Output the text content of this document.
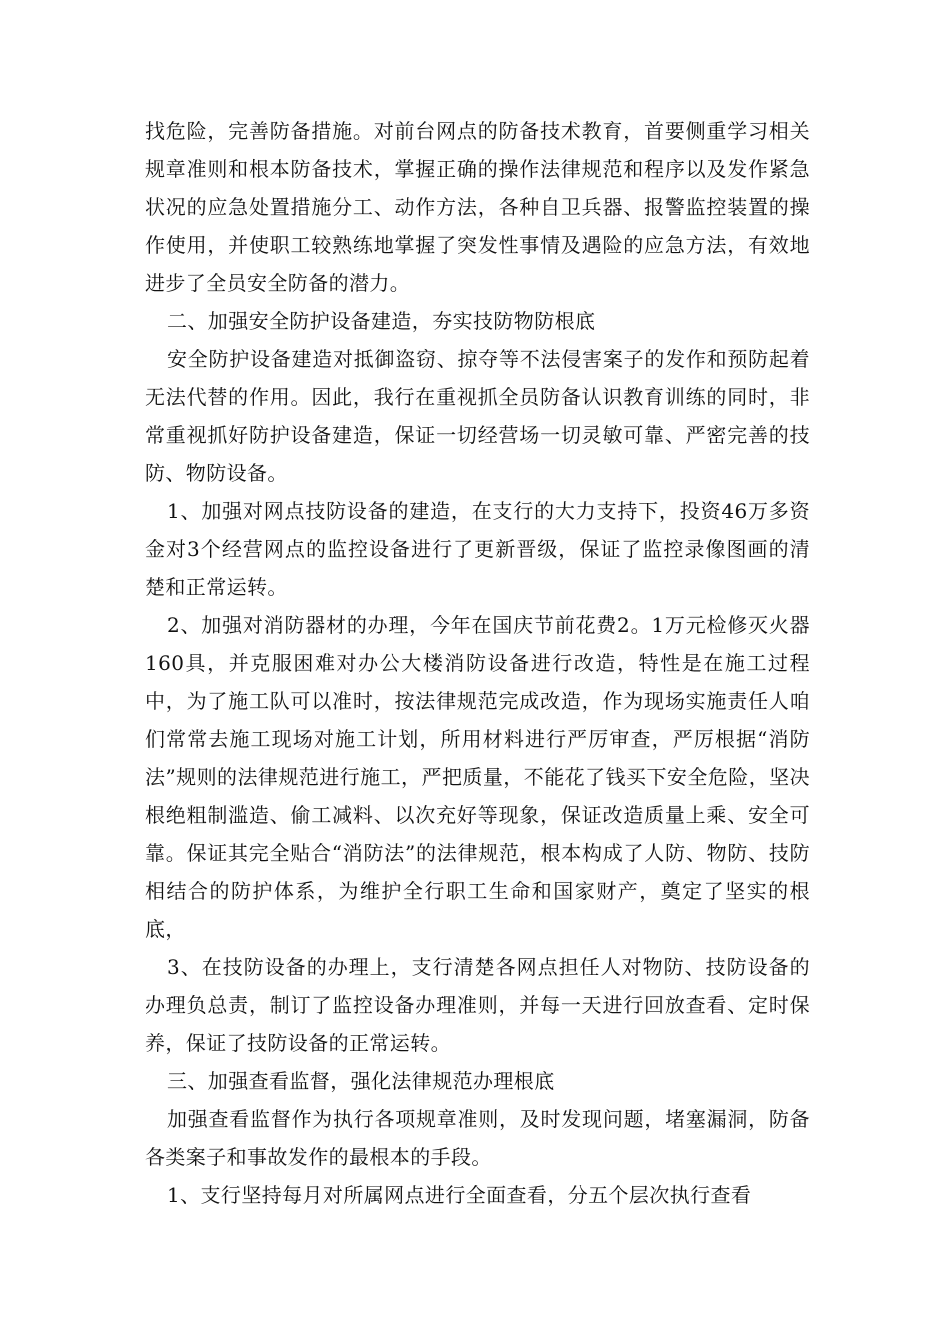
找危险，完善防备措施。对前台网点的防备技术教育，首要侧重学习相关规章准则和根本防备技术，掌握正确的操作法律规范和程序以及发作紧急状况的应急处置措施分工、动作方法，各种自卫兵器、报警监控装置的操作使用，并使职工较熟练地掌握了突发性事情及遇险的应急方法，有效地进步了全员安全防备的潜力。

二、加强安全防护设备建造，夯实技防物防根底

安全防护设备建造对抵御盗窃、掠夺等不法侵害案子的发作和预防起着无法代替的作用。因此，我行在重视抓全员防备认识教育训练的同时，非常重视抓好防护设备建造，保证一切经营场一切灵敏可靠、严密完善的技防、物防设备。

1、加强对网点技防设备的建造，在支行的大力支持下，投资46万多资金对3个经营网点的监控设备进行了更新晋级，保证了监控录像图画的清楚和正常运转。

2、加强对消防器材的办理，今年在国庆节前花费2。1万元检修灭火器160具，并克服困难对办公大楼消防设备进行改造，特性是在施工过程中，为了施工队可以准时，按法律规范完成改造，作为现场实施责任人咱们常常去施工现场对施工计划，所用材料进行严厉审查，严厉根据“消防法”规则的法律规范进行施工，严把质量，不能花了钱买下安全危险，坚决根绝粗制滥造、偷工减料、以次充好等现象，保证改造质量上乘、安全可靠。保证其完全贴合“消防法”的法律规范，根本构成了人防、物防、技防相结合的防护体系，为维护全行职工生命和国家财产，奠定了坚实的根底，

3、在技防设备的办理上，支行清楚各网点担任人对物防、技防设备的办理负总责，制订了监控设备办理准则，并每一天进行回放查看、定时保养，保证了技防设备的正常运转。

三、加强查看监督，强化法律规范办理根底

加强查看监督作为执行各项规章准则，及时发现问题，堵塞漏洞，防备各类案子和事故发作的最根本的手段。

1、支行坚持每月对所属网点进行全面查看，分五个层次执行查看
